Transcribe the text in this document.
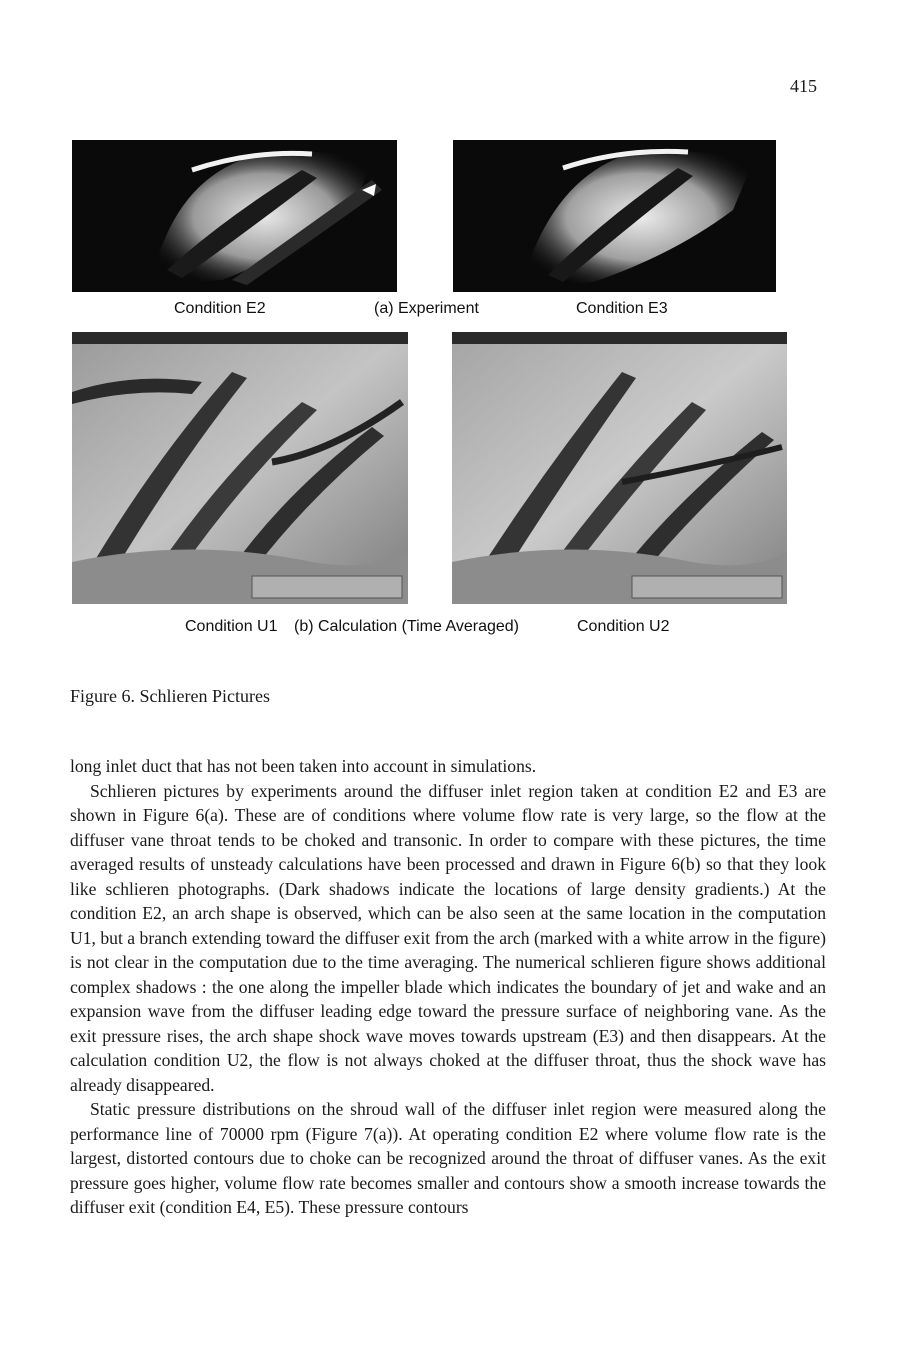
415
Condition E2	(a) Experiment	Condition E3
Condition U1 (b) Calculation (Time Averaged)	Condition U2
Figure 6. Schlieren Pictures

long inlet duct that has not been taken into account in simulations.

Schlieren pictures by experiments around the diffuser inlet region taken at condition E2 and E3 are shown in Figure 6(a). These are of conditions where volume flow rate is very large, so the flow at the diffuser vane throat tends to be choked and transonic. In order to compare with these pictures, the time averaged results of unsteady calculations have been processed and drawn in Figure 6(b) so that they look like schlieren photographs. (Dark shadows indicate the locations of large density gradients.) At the condition E2, an arch shape is observed, which can be also seen at the same location in the computation U1, but a branch extending toward the diffuser exit from the arch (marked with a white arrow in the figure) is not clear in the computation due to the time averaging. The numerical schlieren figure shows additional complex shadows : the one along the impeller blade which indicates the boundary of jet and wake and an expansion wave from the diffuser leading edge toward the pressure surface of neighboring vane. As the exit pressure rises, the arch shape shock wave moves towards upstream (E3) and then disappears. At the calculation condition U2, the flow is not always choked at the diffuser throat, thus the shock wave has already disappeared.

Static pressure distributions on the shroud wall of the diffuser inlet region were measured along the performance line of 70000 rpm (Figure 7(a)). At operating condition E2 where volume flow rate is the largest, distorted contours due to choke can be recognized around the throat of diffuser vanes. As the exit pressure goes higher, volume flow rate becomes smaller and contours show a smooth increase towards the diffuser exit (condition E4, E5). These pressure contours
